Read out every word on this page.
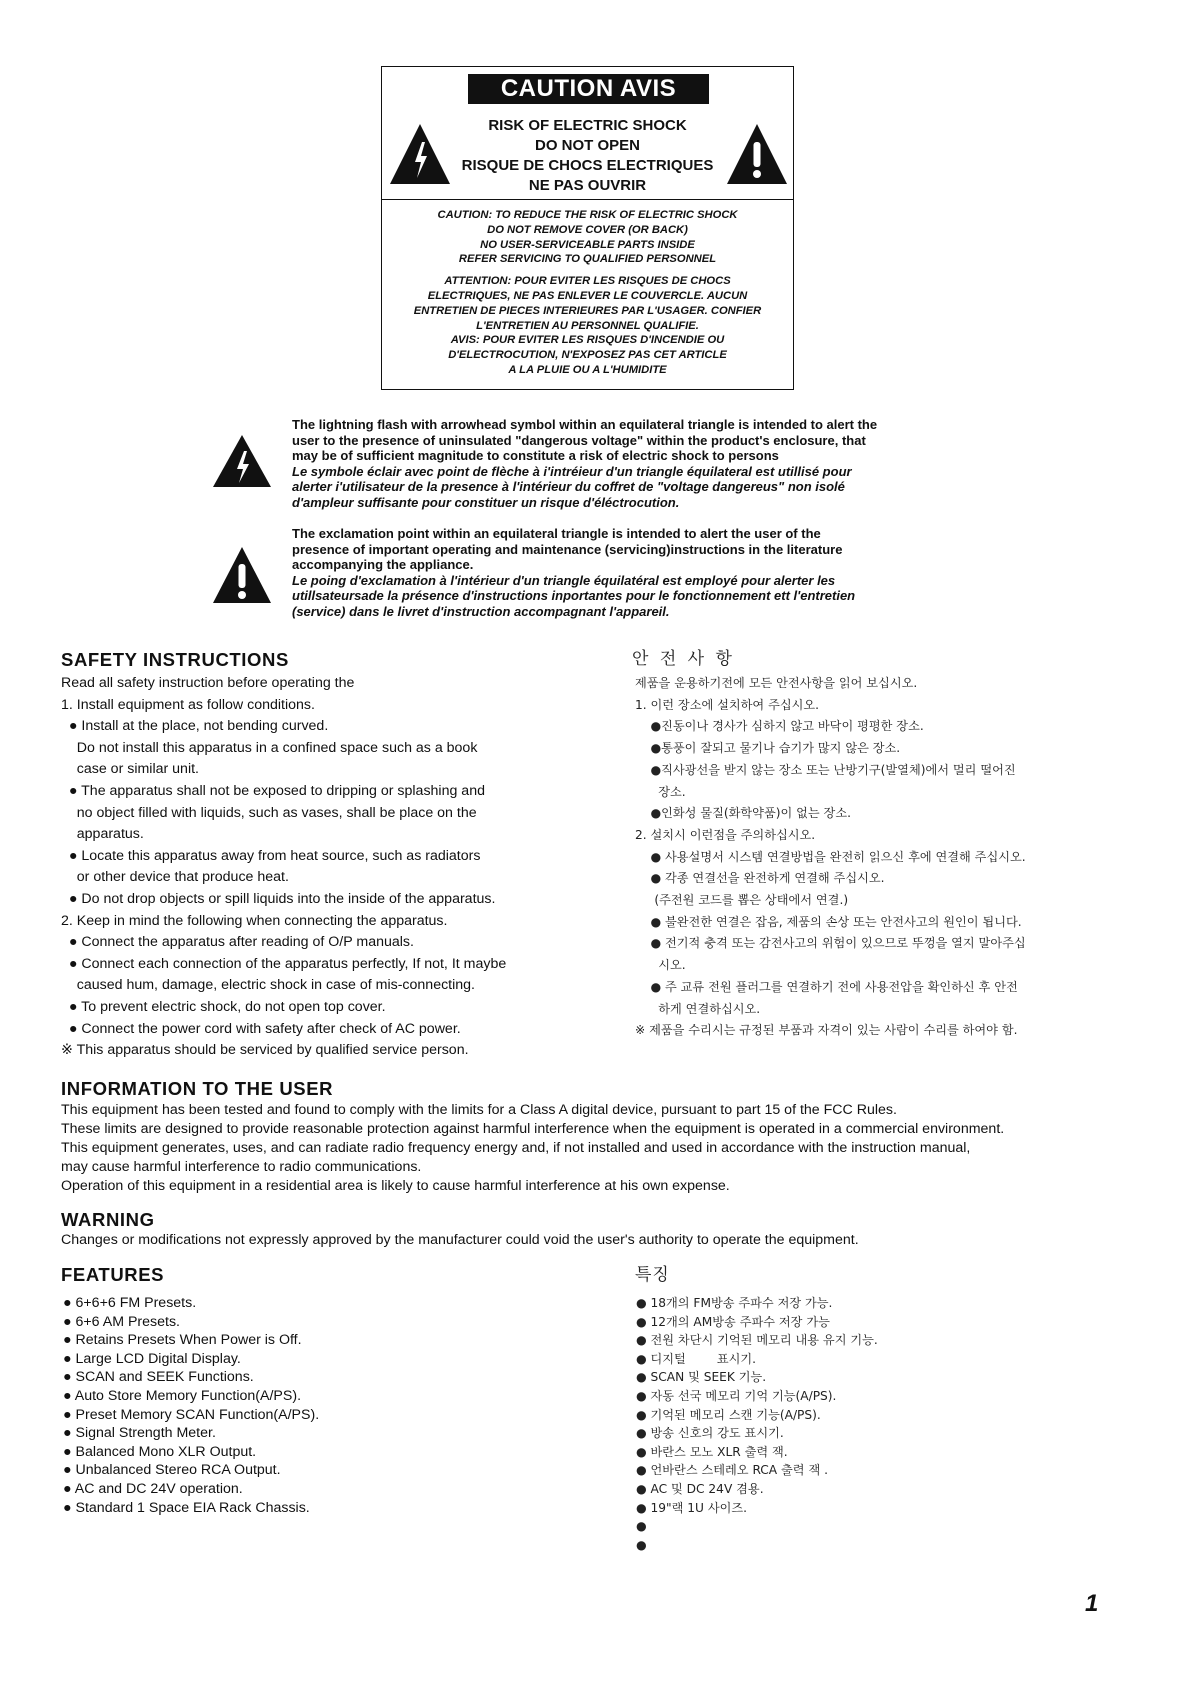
CAUTION AVIS
RISK OF ELECTRIC SHOCK
DO NOT OPEN
RISQUE DE CHOCS ELECTRIQUES
NE PAS OUVRIR
CAUTION: TO REDUCE THE RISK OF ELECTRIC SHOCK
DO NOT REMOVE COVER (OR BACK)
NO USER-SERVICEABLE PARTS INSIDE
REFER SERVICING TO QUALIFIED PERSONNEL
ATTENTION: POUR EVITER LES RISQUES DE CHOCS
ELECTRIQUES, NE PAS ENLEVER LE COUVERCLE. AUCUN
ENTRETIEN DE PIECES INTERIEURES PAR L'USAGER. CONFIER
L'ENTRETIEN AU PERSONNEL QUALIFIE.
AVIS: POUR EVITER LES RISQUES D'INCENDIE OU
D'ELECTROCUTION, N'EXPOSEZ PAS CET ARTICLE
A LA PLUIE OU A L'HUMIDITE
The lightning flash with arrowhead symbol within an equilateral triangle is intended to alert the
user to the presence of uninsulated "dangerous voltage" within the product's enclosure, that
may be of sufficient magnitude to constitute a risk of electric shock to persons
Le symbole éclair avec point de flèche à i'intréieur d'un triangle équilateral est utillisé pour
alerter i'utilisateur de la presence à l'intérieur du coffret de "voltage dangereus" non isolé
d'ampleur suffisante pour constituer un risque d'éléctrocution.
The exclamation point within an equilateral triangle is intended to alert the user of the
presence of important operating and maintenance (servicing)instructions in the literature
accompanying the appliance.
Le poing d'exclamation à l'intérieur d'un triangle équilatéral est employé pour alerter les
utillsateursade la présence d'instructions inportantes pour le fonctionnement ett l'entretien
(service) dans le livret d'instruction accompagnant l'appareil.
SAFETY INSTRUCTIONS
Read all safety instruction before operating the
1. Install equipment as follow conditions.
● Install at the place, not bending curved.
Do not install this apparatus in a confined space such as a book
case or similar unit.
● The apparatus shall not be exposed to dripping or splashing and
no object filled with liquids, such as vases, shall be place on the
apparatus.
● Locate this apparatus away from heat source, such as radiators
or other device that produce heat.
● Do not drop objects or spill liquids into the inside of the apparatus.
2. Keep in mind the following when connecting the apparatus.
● Connect the apparatus after reading of O/P manuals.
● Connect each connection of the apparatus perfectly, If not, It maybe
caused hum, damage, electric shock in case of mis-connecting.
● To prevent electric shock, do not open top cover.
● Connect the power cord with safety after check of AC power.
※ This apparatus should be serviced by qualified service person.
안 전 사 항
제품을 운용하기전에 모든 안전사항을 읽어 보십시오.
1. 이런 장소에 설치하여 주십시오.
●진동이나 경사가 심하지 않고 바닥이 평평한 장소.
●통풍이 잘되고 물기나 습기가 많지 않은 장소.
●직사광선을 받지 않는 장소 또는 난방기구(발열체)에서 멀리 떨어진
장소.
●인화성 물질(화학약품)이 없는 장소.
2. 설치시 이런점을 주의하십시오.
● 사용설명서 시스템 연결방법을 완전히 읽으신 후에 연결해 주십시오.
● 각종 연결선을 완전하게 연결해 주십시오.
(주전원 코드를 뽑은 상태에서 연결.)
● 불완전한 연결은 잡음, 제품의 손상 또는 안전사고의 원인이 됩니다.
● 전기적 충격 또는 감전사고의 위험이 있으므로 뚜껑을 열지 말아주십
시오.
● 주 교류 전원 플러그를 연결하기 전에 사용전압을 확인하신 후 안전
하게 연결하십시오.
※ 제품을 수리시는 규정된 부품과 자격이 있는 사람이 수리를 하여야 함.
INFORMATION TO THE USER
This equipment has been tested and found to comply with the limits for a Class A digital device, pursuant to part 15 of the FCC Rules.
These limits are designed to provide reasonable protection against harmful interference when the equipment is operated in a commercial environment.
This equipment generates, uses, and can radiate radio frequency energy and, if not installed and used in accordance with the instruction manual,
may cause harmful interference to radio communications.
Operation of this equipment in a residential area is likely to cause harmful interference at his own expense.
WARNING
Changes or modifications not expressly approved by the manufacturer could void the user's authority to operate the equipment.
FEATURES
● 6+6+6 FM Presets.
● 6+6 AM Presets.
● Retains Presets When Power is Off.
● Large LCD Digital Display.
● SCAN and SEEK Functions.
● Auto Store Memory Function(A/PS).
● Preset Memory SCAN Function(A/PS).
● Signal Strength Meter.
● Balanced Mono XLR Output.
● Unbalanced Stereo RCA Output.
● AC and DC 24V operation.
● Standard 1 Space EIA Rack Chassis.
특징
● 18개의 FM방송 주파수 저장 가능.
● 12개의 AM방송 주파수 저장 가능
● 전원 차단시 기억된 메모리 내용 유지 기능.
● 디지털        표시기.
● SCAN 및 SEEK 기능.
● 자동 선국 메모리 기억 기능(A/PS).
● 기억된 메모리 스캔 기능(A/PS).
● 방송 신호의 강도 표시기.
● 바란스 모노 XLR 출력 잭.
● 언바란스 스테레오 RCA 출력 잭 .
● AC 및 DC 24V 겸용.
● 19"랙 1U 사이즈.
●
●
1
